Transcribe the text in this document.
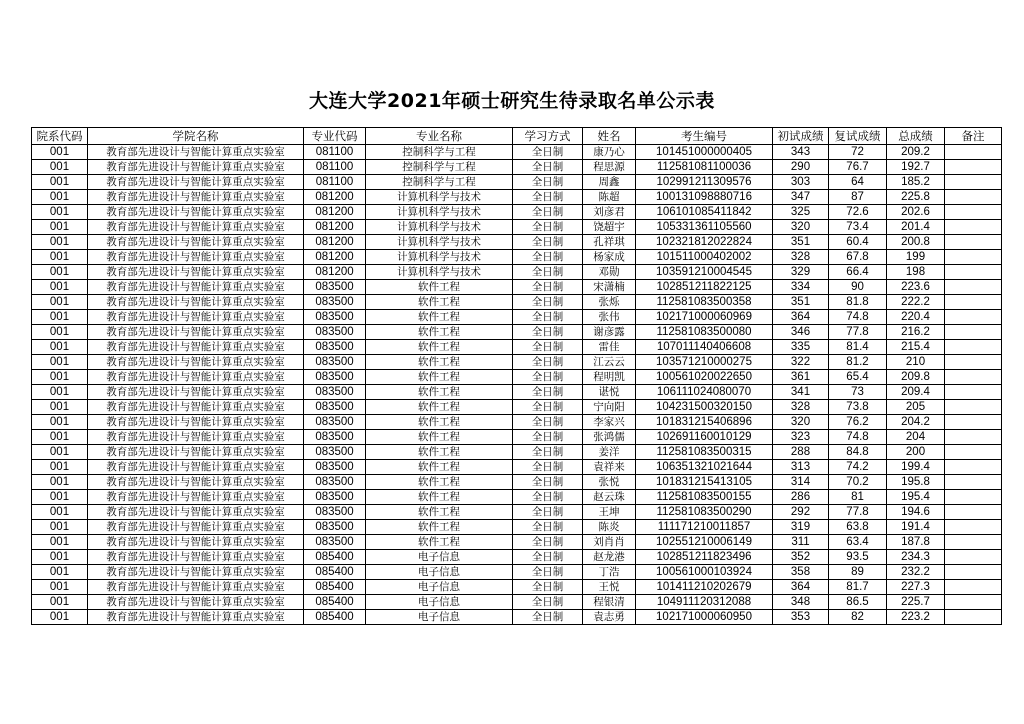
大连大学2021年硕士研究生待录取名单公示表
院系代码	学院名称	专业代码	专业名称	学习方式	姓名	考生编号	初试成绩	复试成绩	总成绩	备注
001	教育部先进设计与智能计算重点实验室	081100	控制科学与工程	全日制	康乃心	101451000000405	343	72	209.2	
001	教育部先进设计与智能计算重点实验室	081100	控制科学与工程	全日制	程思源	112581081100036	290	76.7	192.7	
001	教育部先进设计与智能计算重点实验室	081100	控制科学与工程	全日制	周鑫	102991211309576	303	64	185.2	
001	教育部先进设计与智能计算重点实验室	081200	计算机科学与技术	全日制	陈超	100131098880716	347	87	225.8	
001	教育部先进设计与智能计算重点实验室	081200	计算机科学与技术	全日制	刘彦君	106101085411842	325	72.6	202.6	
001	教育部先进设计与智能计算重点实验室	081200	计算机科学与技术	全日制	饶超宇	105331361105560	320	73.4	201.4	
001	教育部先进设计与智能计算重点实验室	081200	计算机科学与技术	全日制	孔祥琪	102321812022824	351	60.4	200.8	
001	教育部先进设计与智能计算重点实验室	081200	计算机科学与技术	全日制	杨家成	101511000402002	328	67.8	199	
001	教育部先进设计与智能计算重点实验室	081200	计算机科学与技术	全日制	邓勋	103591210004545	329	66.4	198	
001	教育部先进设计与智能计算重点实验室	083500	软件工程	全日制	宋潇楠	102851211822125	334	90	223.6	
001	教育部先进设计与智能计算重点实验室	083500	软件工程	全日制	张烁	112581083500358	351	81.8	222.2	
001	教育部先进设计与智能计算重点实验室	083500	软件工程	全日制	张伟	102171000060969	364	74.8	220.4	
001	教育部先进设计与智能计算重点实验室	083500	软件工程	全日制	谢彦露	112581083500080	346	77.8	216.2	
001	教育部先进设计与智能计算重点实验室	083500	软件工程	全日制	雷佳	107011140406608	335	81.4	215.4	
001	教育部先进设计与智能计算重点实验室	083500	软件工程	全日制	江云云	103571210000275	322	81.2	210	
001	教育部先进设计与智能计算重点实验室	083500	软件工程	全日制	程明凯	100561020022650	361	65.4	209.8	
001	教育部先进设计与智能计算重点实验室	083500	软件工程	全日制	谌悦	106111024080070	341	73	209.4	
001	教育部先进设计与智能计算重点实验室	083500	软件工程	全日制	宁向阳	104231500320150	328	73.8	205	
001	教育部先进设计与智能计算重点实验室	083500	软件工程	全日制	李家兴	101831215406896	320	76.2	204.2	
001	教育部先进设计与智能计算重点实验室	083500	软件工程	全日制	张鸿儒	102691160010129	323	74.8	204	
001	教育部先进设计与智能计算重点实验室	083500	软件工程	全日制	姜洋	112581083500315	288	84.8	200	
001	教育部先进设计与智能计算重点实验室	083500	软件工程	全日制	袁祥来	106351321021644	313	74.2	199.4	
001	教育部先进设计与智能计算重点实验室	083500	软件工程	全日制	张悦	101831215413105	314	70.2	195.8	
001	教育部先进设计与智能计算重点实验室	083500	软件工程	全日制	赵云珠	112581083500155	286	81	195.4	
001	教育部先进设计与智能计算重点实验室	083500	软件工程	全日制	王坤	112581083500290	292	77.8	194.6	
001	教育部先进设计与智能计算重点实验室	083500	软件工程	全日制	陈炎	111171210011857	319	63.8	191.4	
001	教育部先进设计与智能计算重点实验室	083500	软件工程	全日制	刘肖肖	102551210006149	311	63.4	187.8	
001	教育部先进设计与智能计算重点实验室	085400	电子信息	全日制	赵龙港	102851211823496	352	93.5	234.3	
001	教育部先进设计与智能计算重点实验室	085400	电子信息	全日制	丁浩	100561000103924	358	89	232.2	
001	教育部先进设计与智能计算重点实验室	085400	电子信息	全日制	王悦	101411210202679	364	81.7	227.3	
001	教育部先进设计与智能计算重点实验室	085400	电子信息	全日制	程银清	104911120312088	348	86.5	225.7	
001	教育部先进设计与智能计算重点实验室	085400	电子信息	全日制	袁志勇	102171000060950	353	82	223.2	
